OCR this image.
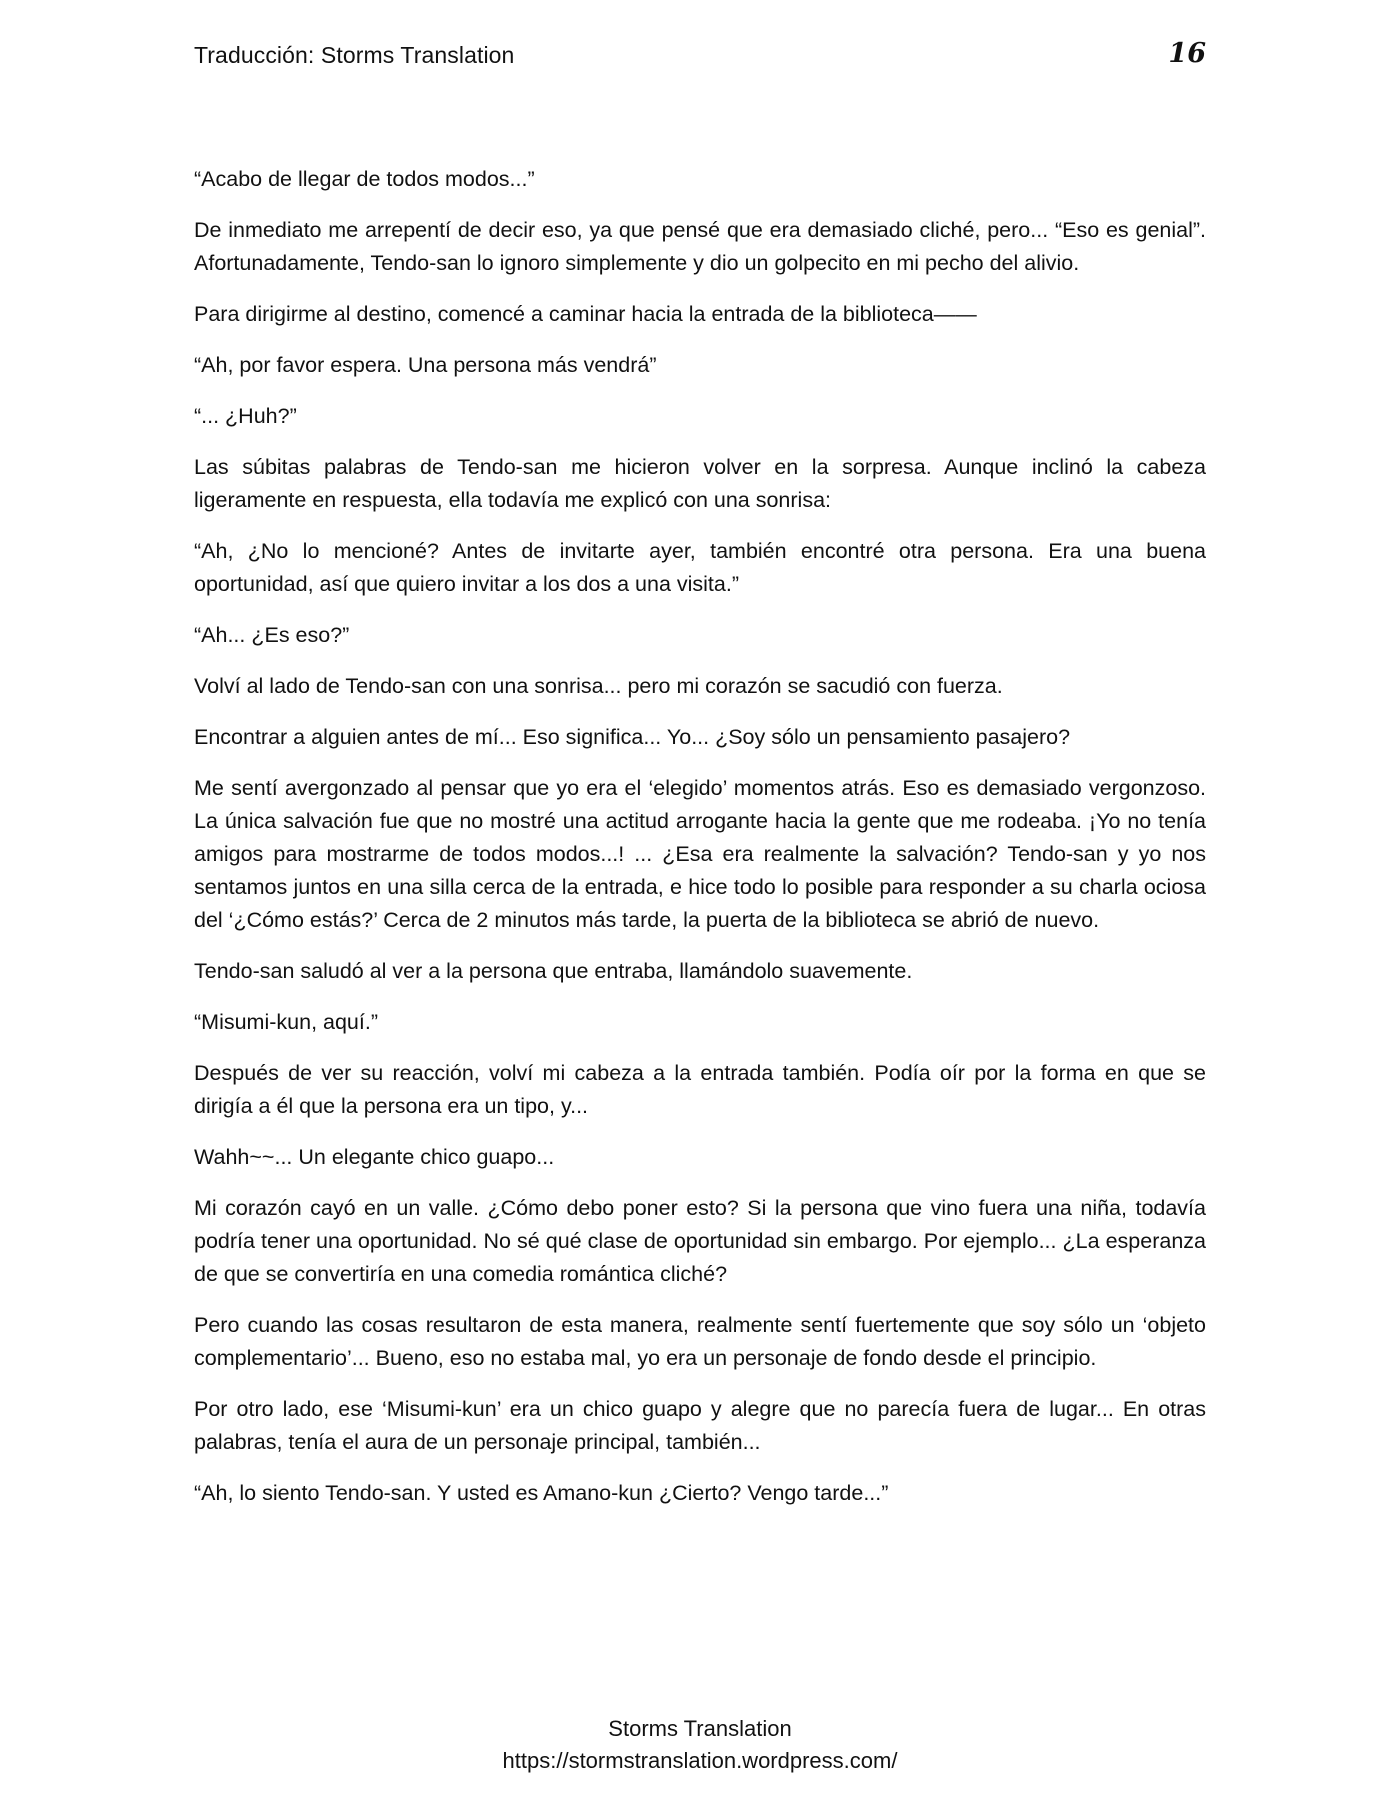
Traducción: Storms Translation	16

“Acabo de llegar de todos modos...”

De inmediato me arrepentí de decir eso, ya que pensé que era demasiado cliché, pero... “Eso es genial”. Afortunadamente, Tendo-san lo ignoro simplemente y dio un golpecito en mi pecho del alivio.

Para dirigirme al destino, comencé a caminar hacia la entrada de la biblioteca——

“Ah, por favor espera. Una persona más vendrá”

“... ¿Huh?”

Las súbitas palabras de Tendo-san me hicieron volver en la sorpresa. Aunque inclinó la cabeza ligeramente en respuesta, ella todavía me explicó con una sonrisa:

“Ah, ¿No lo mencioné? Antes de invitarte ayer, también encontré otra persona. Era una buena oportunidad, así que quiero invitar a los dos a una visita.”

“Ah... ¿Es eso?”

Volví al lado de Tendo-san con una sonrisa... pero mi corazón se sacudió con fuerza.

Encontrar a alguien antes de mí... Eso significa... Yo... ¿Soy sólo un pensamiento pasajero?

Me sentí avergonzado al pensar que yo era el ‘elegido’ momentos atrás. Eso es demasiado vergonzoso. La única salvación fue que no mostré una actitud arrogante hacia la gente que me rodeaba. ¡Yo no tenía amigos para mostrarme de todos modos...! ... ¿Esa era realmente la salvación? Tendo-san y yo nos sentamos juntos en una silla cerca de la entrada, e hice todo lo posible para responder a su charla ociosa del ‘¿Cómo estás?’ Cerca de 2 minutos más tarde, la puerta de la biblioteca se abrió de nuevo.

Tendo-san saludó al ver a la persona que entraba, llamándolo suavemente.

“Misumi-kun, aquí.”

Después de ver su reacción, volví mi cabeza a la entrada también. Podía oír por la forma en que se dirigía a él que la persona era un tipo, y...

Wahh~~... Un elegante chico guapo...

Mi corazón cayó en un valle. ¿Cómo debo poner esto? Si la persona que vino fuera una niña, todavía podría tener una oportunidad. No sé qué clase de oportunidad sin embargo. Por ejemplo... ¿La esperanza de que se convertiría en una comedia romántica cliché?

Pero cuando las cosas resultaron de esta manera, realmente sentí fuertemente que soy sólo un ‘objeto complementario’... Bueno, eso no estaba mal, yo era un personaje de fondo desde el principio.

Por otro lado, ese ‘Misumi-kun’ era un chico guapo y alegre que no parecía fuera de lugar... En otras palabras, tenía el aura de un personaje principal, también...

“Ah, lo siento Tendo-san. Y usted es Amano-kun ¿Cierto? Vengo tarde...”

Storms Translation
https://stormstranslation.wordpress.com/
